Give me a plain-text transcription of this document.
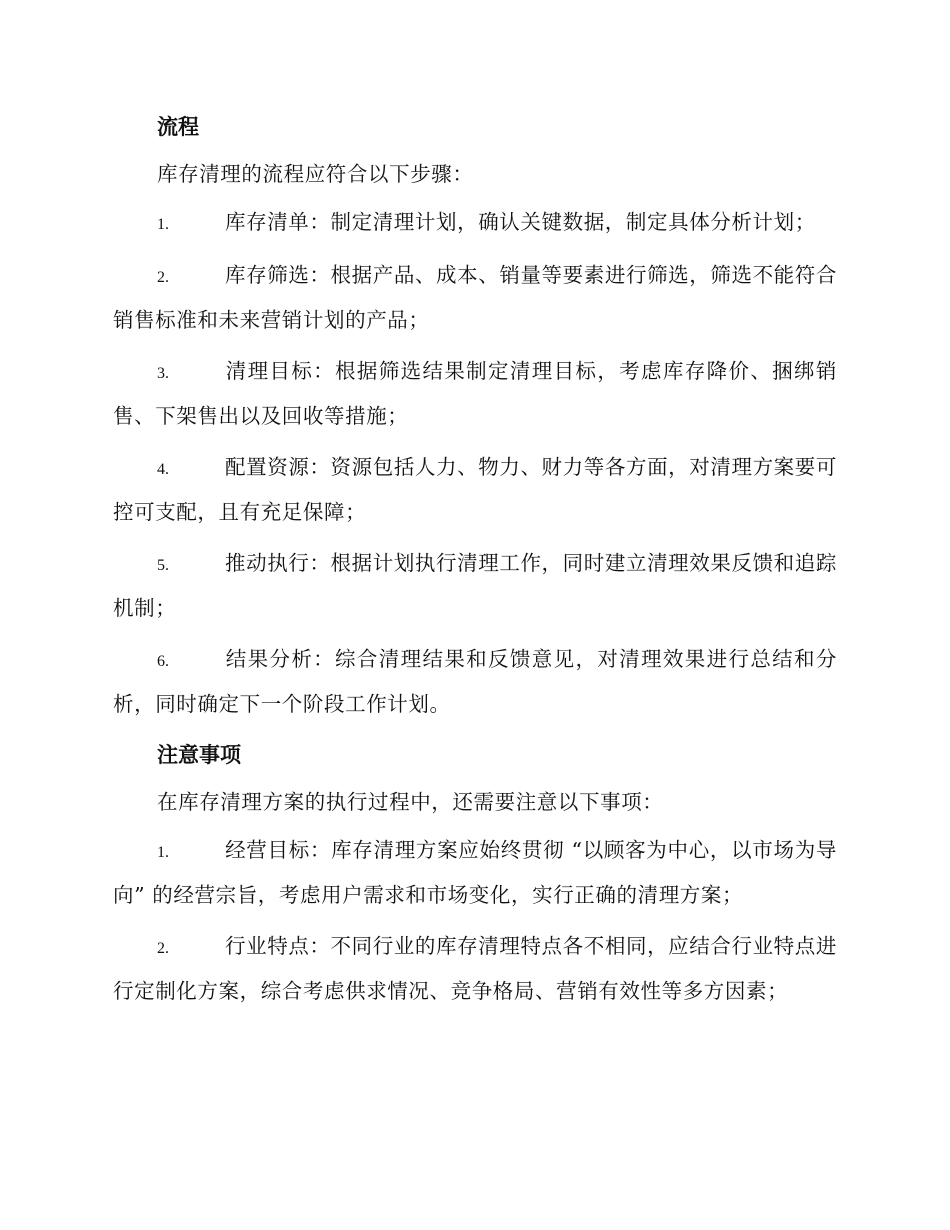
流程

库存清理的流程应符合以下步骤：

1.	库存清单：制定清理计划，确认关键数据，制定具体分析计划；
2.	库存筛选：根据产品、成本、销量等要素进行筛选，筛选不能符合销售标准和未来营销计划的产品；
3.	清理目标：根据筛选结果制定清理目标，考虑库存降价、捆绑销售、下架售出以及回收等措施；
4.	配置资源：资源包括人力、物力、财力等各方面，对清理方案要可控可支配，且有充足保障；
5.	推动执行：根据计划执行清理工作，同时建立清理效果反馈和追踪机制；
6.	结果分析：综合清理结果和反馈意见，对清理效果进行总结和分析，同时确定下一个阶段工作计划。
注意事项

在库存清理方案的执行过程中，还需要注意以下事项：

1.	经营目标：库存清理方案应始终贯彻 “以顾客为中心，以市场为导向” 的经营宗旨，考虑用户需求和市场变化，实行正确的清理方案；
2.	行业特点：不同行业的库存清理特点各不相同，应结合行业特点进行定制化方案，综合考虑供求情况、竞争格局、营销有效性等多方因素；
